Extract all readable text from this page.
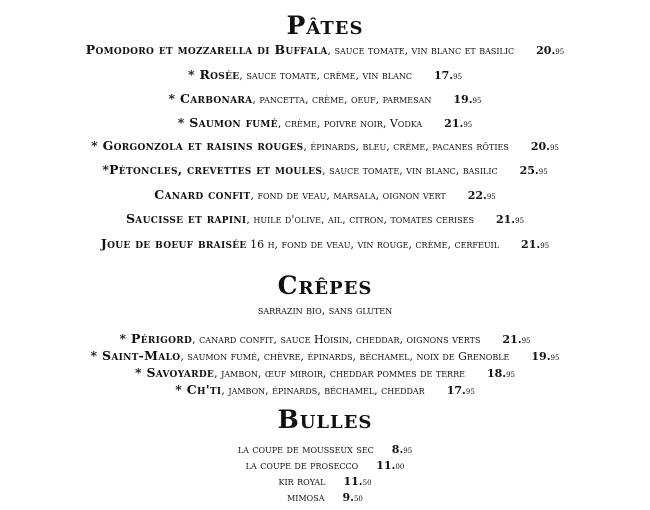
Pâtes
Pomodoro et mozzarella di Buffala, sauce tomate, vin blanc et basilic 20.95
* Rosée, sauce tomate, crème, vin blanc 17.95
* Carbonara, pancetta, crème, oeuf, parmesan 19.95
* Saumon fumé, crème, poivre noir, Vodka 21.95
* Gorgonzola et raisins rouges, épinards, bleu, crème, pacanes rôties 20.95
*Pétoncles, crevettes et moules, sauce tomate, vin blanc, basilic 25.95
Canard confit, fond de veau, marsala, oignon vert 22.95
Saucisse et rapini, huile d'olive, ail, citron, tomates cerises 21.95
Joue de boeuf braisée 16 h, fond de veau, vin rouge, crème, cerfeuil 21.95
Crêpes
sarrazin bio, sans gluten
* Périgord, canard confit, sauce Hoisin, cheddar, oignons verts 21.95
* Saint-Malo, saumon fumé, chèvre, épinards, béchamel, noix de Grenoble 19.95
* Savoyarde, jambon, œuf miroir, cheddar pommes de terre 18.95
* Ch'ti, jambon, épinards, béchamel, cheddar 17.95
Bulles
la coupe de mousseux sec 8.95
la coupe de prosecco 11.00
kir royal 11.50
mimosa 9.50
